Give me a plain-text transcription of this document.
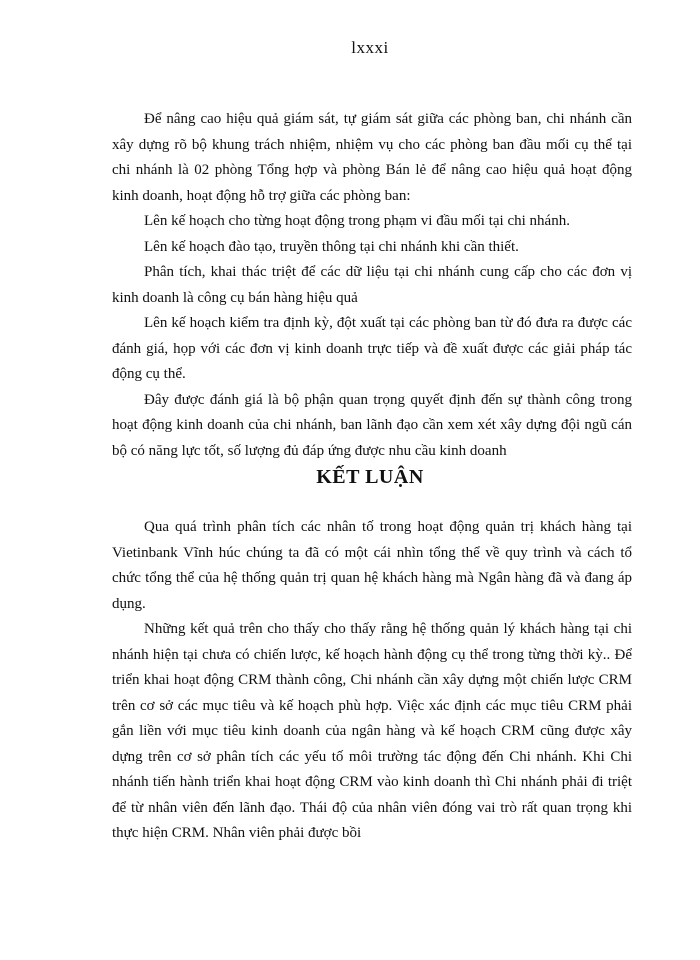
lxxxi

Để nâng cao hiệu quả giám sát, tự giám sát giữa các phòng ban, chi nhánh cần xây dựng rõ bộ khung trách nhiệm, nhiệm vụ cho các phòng ban đầu mối cụ thể tại chi nhánh là 02 phòng Tổng hợp và phòng Bán lẻ để nâng cao hiệu quả hoạt động kinh doanh, hoạt động hỗ trợ giữa các phòng ban:

Lên kế hoạch cho từng hoạt động trong phạm vi đầu mối tại chi nhánh.

Lên kế hoạch đào tạo, truyền thông tại chi nhánh khi cần thiết.

Phân tích, khai thác triệt để các dữ liệu tại chi nhánh cung cấp cho các đơn vị kinh doanh là công cụ bán hàng hiệu quả

Lên kế hoạch kiểm tra định kỳ, đột xuất tại các phòng ban từ đó đưa ra được các đánh giá, họp với các đơn vị kinh doanh trực tiếp và đề xuất được các giải pháp tác động cụ thể.

Đây được đánh giá là bộ phận quan trọng quyết định đến sự thành công trong hoạt động kinh doanh của chi nhánh, ban lãnh đạo cần xem xét xây dựng đội ngũ cán bộ có năng lực tốt, số lượng đủ đáp ứng được nhu cầu kinh doanh

KẾT LUẬN

Qua quá trình phân tích các nhân tố trong hoạt động quản trị khách hàng tại Vietinbank Vĩnh húc chúng ta đã có một cái nhìn tổng thể về quy trình và cách tổ chức tổng thể của hệ thống quản trị quan hệ khách hàng mà Ngân hàng đã và đang áp dụng.

Những kết quả trên cho thấy cho thấy rằng hệ thống quản lý khách hàng tại chi nhánh hiện tại chưa có chiến lược, kế hoạch hành động cụ thể trong từng thời kỳ.. Để triển khai hoạt động CRM thành công, Chi nhánh cần xây dựng một chiến lược CRM trên cơ sở các mục tiêu và kế hoạch phù hợp. Việc xác định các mục tiêu CRM phải gắn liền với mục tiêu kinh doanh của ngân hàng và kế hoạch CRM cũng được xây dựng trên cơ sở phân tích các yếu tố môi trường tác động đến Chi nhánh. Khi Chi nhánh tiến hành triển khai hoạt động CRM vào kinh doanh thì Chi nhánh phải đi triệt để từ nhân viên đến lãnh đạo. Thái độ của nhân viên đóng vai trò rất quan trọng khi thực hiện CRM. Nhân viên phải được bồi
